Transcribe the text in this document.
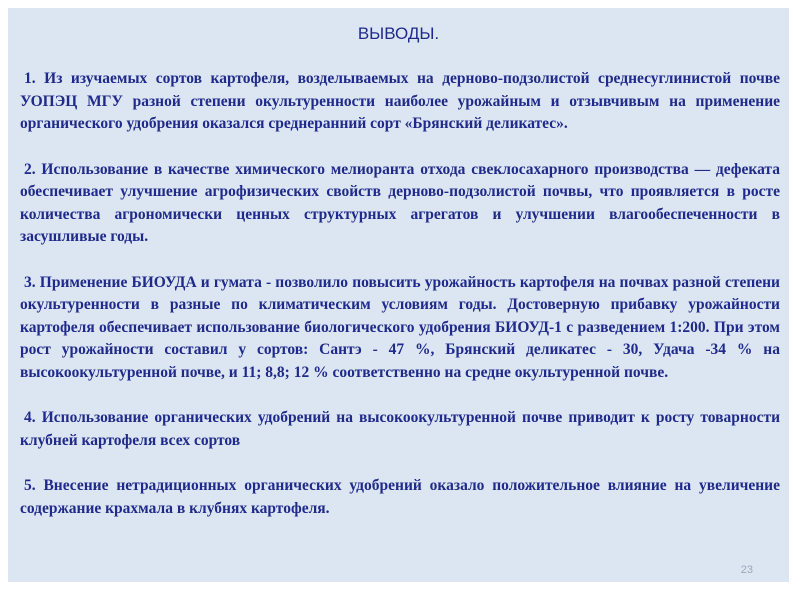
ВЫВОДЫ.

1. Из изучаемых сортов картофеля, возделываемых на дерново-подзолистой среднесуглинистой почве УОПЭЦ МГУ разной степени окультуренности наиболее урожайным и отзывчивым на применение органического удобрения оказался среднеранний сорт «Брянский деликатес».

2. Использование в качестве химического мелиоранта отхода свеклосахарного производства — дефеката обеспечивает улучшение агрофизических свойств дерново-подзолистой почвы, что проявляется в росте количества агрономически ценных структурных агрегатов и улучшении влагообеспеченности в засушливые годы.

3. Применение БИОУДА и гумата - позволило повысить урожайность картофеля на почвах разной степени окультуренности в разные по климатическим условиям годы. Достоверную прибавку урожайности картофеля обеспечивает использование биологического удобрения БИОУД-1 с разведением 1:200. При этом рост урожайности составил у сортов: Сантэ - 47 %, Брянский деликатес - 30, Удача -34 % на высокоокультуренной почве, и 11; 8,8; 12 % соответственно на средне окультуренной почве.

4. Использование органических удобрений на высокоокультуренной почве приводит к росту товарности клубней картофеля всех сортов

5. Внесение нетрадиционных органических удобрений оказало положительное влияние на увеличение содержание крахмала в клубнях картофеля.

23
